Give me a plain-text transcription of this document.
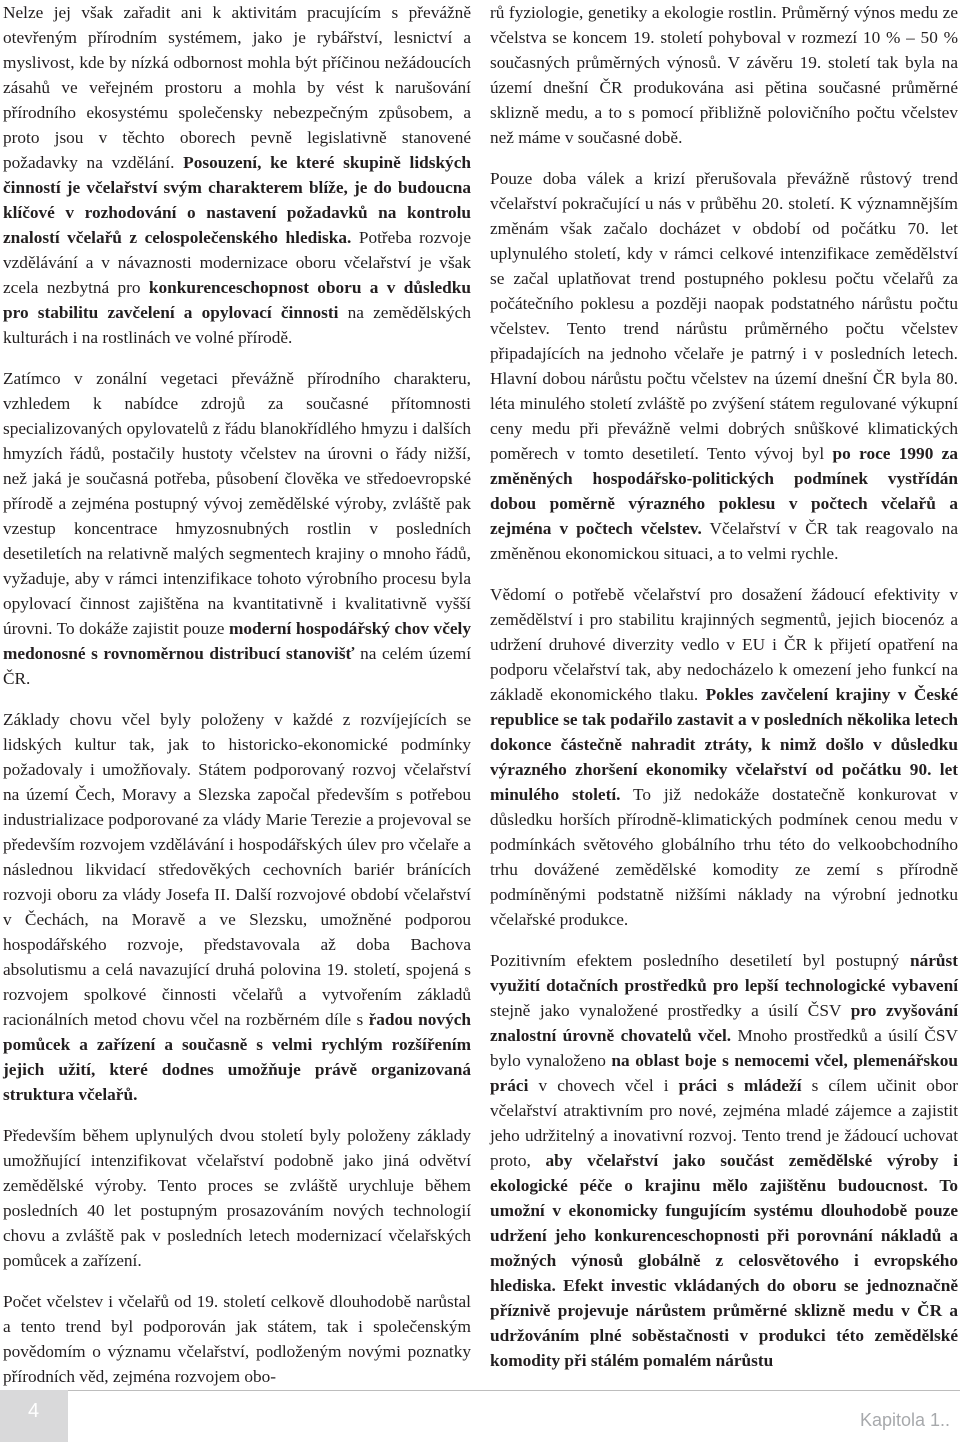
Nelze jej však zařadit ani k aktivitám pracujícím s převážně otevřeným přírodním systémem, jako je rybářství, lesnictví a myslivost, kde by nízká odbornost mohla být příčinou nežádoucích zásahů ve veřejném prostoru a mohla by vést k narušování přírodního ekosystému společensky nebezpečným způsobem, a proto jsou v těchto oborech pevně legislativně stanovené požadavky na vzdělání. Posouzení, ke které skupině lidských činností je včelařství svým charakterem blíže, je do budoucna klíčové v rozhodování o nastavení požadavků na kontrolu znalostí včelařů z celospolečenského hlediska. Potřeba rozvoje vzdělávání a v návaznosti modernizace oboru včelařství je však zcela nezbytná pro konkurenceschopnost oboru a v důsledku pro stabilitu zavčelení a opylovací činnosti na zemědělských kulturách i na rostlinách ve volné přírodě.

Zatímco v zonální vegetaci převážně přírodního charakteru, vzhledem k nabídce zdrojů za současné přítomnosti specializovaných opylovatelů z řádu blanokřídlého hmyzu i dalších hmyzích řádů, postačily hustoty včelstev na úrovni o řády nižší, než jaká je současná potřeba, působení člověka ve středoevropské přírodě a zejména postupný vývoj zemědělské výroby, zvláště pak vzestup koncentrace hmyzosnubných rostlin v posledních desetiletích na relativně malých segmentech krajiny o mnoho řádů, vyžaduje, aby v rámci intenzifikace tohoto výrobního procesu byla opylovací činnost zajištěna na kvantitativně i kvalitativně vyšší úrovni. To dokáže zajistit pouze moderní hospodářský chov včely medonosné s rovnoměrnou distribucí stanovišť na celém území ČR.

Základy chovu včel byly položeny v každé z rozvíjejících se lidských kultur tak, jak to historicko-ekonomické podmínky požadovaly i umožňovaly. Státem podporovaný rozvoj včelařství na území Čech, Moravy a Slezska započal především s potřebou industrializace podporované za vlády Marie Terezie a projevoval se především rozvojem vzdělávání i hospodářských úlev pro včelaře a následnou likvidací středověkých cechovních bariér bránících rozvoji oboru za vlády Josefa II. Další rozvojové období včelařství v Čechách, na Moravě a ve Slezsku, umožněné podporou hospodářského rozvoje, představovala až doba Bachova absolutismu a celá navazující druhá polovina 19. století, spojená s rozvojem spolkové činnosti včelařů a vytvořením základů racionálních metod chovu včel na rozběrném díle s řadou nových pomůcek a zařízení a současně s velmi rychlým rozšířením jejich užití, které dodnes umožňuje právě organizovaná struktura včelařů.

Především během uplynulých dvou století byly položeny základy umožňující intenzifikovat včelařství podobně jako jiná odvětví zemědělské výroby. Tento proces se zvláště urychluje během posledních 40 let postupným prosazováním nových technologií chovu a zvláště pak v posledních letech modernizací včelařských pomůcek a zařízení.

Počet včelstev i včelařů od 19. století celkově dlouhodobě narůstal a tento trend byl podporován jak státem, tak i společenským povědomím o významu včelařství, podloženým novými poznatky přírodních věd, zejména rozvojem obo-

rů fyziologie, genetiky a ekologie rostlin. Průměrný výnos medu ze včelstva se koncem 19. století pohyboval v rozmezí 10 % – 50 % současných průměrných výnosů. V závěru 19. století tak byla na území dnešní ČR produkována asi pětina současné průměrné sklizně medu, a to s pomocí přibližně polovičního počtu včelstev než máme v současné době.

Pouze doba válek a krizí přerušovala převážně růstový trend včelařství pokračující u nás v průběhu 20. století. K významnějším změnám však začalo docházet v období od počátku 70. let uplynulého století, kdy v rámci celkové intenzifikace zemědělství se začal uplatňovat trend postupného poklesu počtu včelařů za počátečního poklesu a později naopak podstatného nárůstu počtu včelstev. Tento trend nárůstu průměrného počtu včelstev připadajících na jednoho včelaře je patrný i v posledních letech. Hlavní dobou nárůstu počtu včelstev na území dnešní ČR byla 80. léta minulého století zvláště po zvýšení státem regulované výkupní ceny medu při převážně velmi dobrých snůškové klimatických poměrech v tomto desetiletí. Tento vývoj byl po roce 1990 za změněných hospodářsko-politických podmínek vystřídán dobou poměrně výrazného poklesu v počtech včelařů a zejména v počtech včelstev. Včelařství v ČR tak reagovalo na změněnou ekonomickou situaci, a to velmi rychle.

Vědomí o potřebě včelařství pro dosažení žádoucí efektivity v zemědělství i pro stabilitu krajinných segmentů, jejich biocenóz a udržení druhové diverzity vedlo v EU i ČR k přijetí opatření na podporu včelařství tak, aby nedocházelo k omezení jeho funkcí na základě ekonomického tlaku. Pokles zavčelení krajiny v České republice se tak podařilo zastavit a v posledních několika letech dokonce částečně nahradit ztráty, k nimž došlo v důsledku výrazného zhoršení ekonomiky včelařství od počátku 90. let minulého století. To již nedokáže dostatečně konkurovat v důsledku horších přírodně-klimatických podmínek cenou medu v podmínkách světového globálního trhu této do velkoobchodního trhu dovážené zemědělské komodity ze zemí s přírodně podmíněnými podstatně nižšími náklady na výrobní jednotku včelařské produkce.

Pozitivním efektem posledního desetiletí byl postupný nárůst využití dotačních prostředků pro lepší technologické vybavení stejně jako vynaložené prostředky a úsilí ČSV pro zvyšování znalostní úrovně chovatelů včel. Mnoho prostředků a úsilí ČSV bylo vynaloženo na oblast boje s nemocemi včel, plemenářskou práci v chovech včel i práci s mládeží s cílem učinit obor včelařství atraktivním pro nové, zejména mladé zájemce a zajistit jeho udržitelný a inovativní rozvoj. Tento trend je žádoucí uchovat proto, aby včelařství jako součást zemědělské výroby i ekologické péče o krajinu mělo zajištěnu budoucnost. To umožní v ekonomicky fungujícím systému dlouhodobě pouze udržení jeho konkurenceschopnosti při porovnání nákladů a možných výnosů globálně z celosvětového i evropského hlediska. Efekt investic vkládaných do oboru se jednoznačně příznivě projevuje nárůstem průměrné sklizně medu v ČR a udržováním plné soběstačnosti v produkci této zemědělské komodity při stálém pomalém nárůstu

4	Kapitola 1..
